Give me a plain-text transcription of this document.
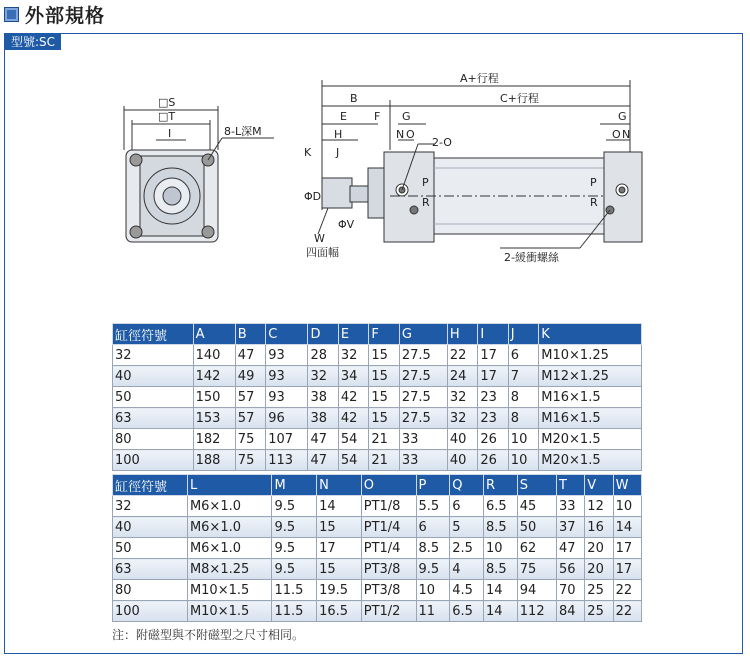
外部規格
型號:SC
□S
□T
I	8-L深M
A+行程
C+行程
B
E F G	G
H
J
K
N O	O N
2-O
ΦD
ΦV
W
四面幅
P
R
P
R
2-緩衝螺絲
缸徑符號	A	B	C	D	E	F	G	H	I	J	K
32	140	47	93	28	32	15	27.5	22	17	6	M10×1.25
40	142	49	93	32	34	15	27.5	24	17	7	M12×1.25
50	150	57	93	38	42	15	27.5	32	23	8	M16×1.5
63	153	57	96	38	42	15	27.5	32	23	8	M16×1.5
80	182	75	107	47	54	21	33	40	26	10	M20×1.5
100	188	75	113	47	54	21	33	40	26	10	M20×1.5
缸徑符號	L	M	N	O	P	Q	R	S	T	V	W
32	M6×1.0	9.5	14	PT1/8	5.5	6	6.5	45	33	12	10
40	M6×1.0	9.5	15	PT1/4	6	5	8.5	50	37	16	14
50	M6×1.0	9.5	17	PT1/4	8.5	2.5	10	62	47	20	17
63	M8×1.25	9.5	15	PT3/8	9.5	4	8.5	75	56	20	17
80	M10×1.5	11.5	19.5	PT3/8	10	4.5	14	94	70	25	22
100	M10×1.5	11.5	16.5	PT1/2	11	6.5	14	112	84	25	22
注：附磁型與不附磁型之尺寸相同。
